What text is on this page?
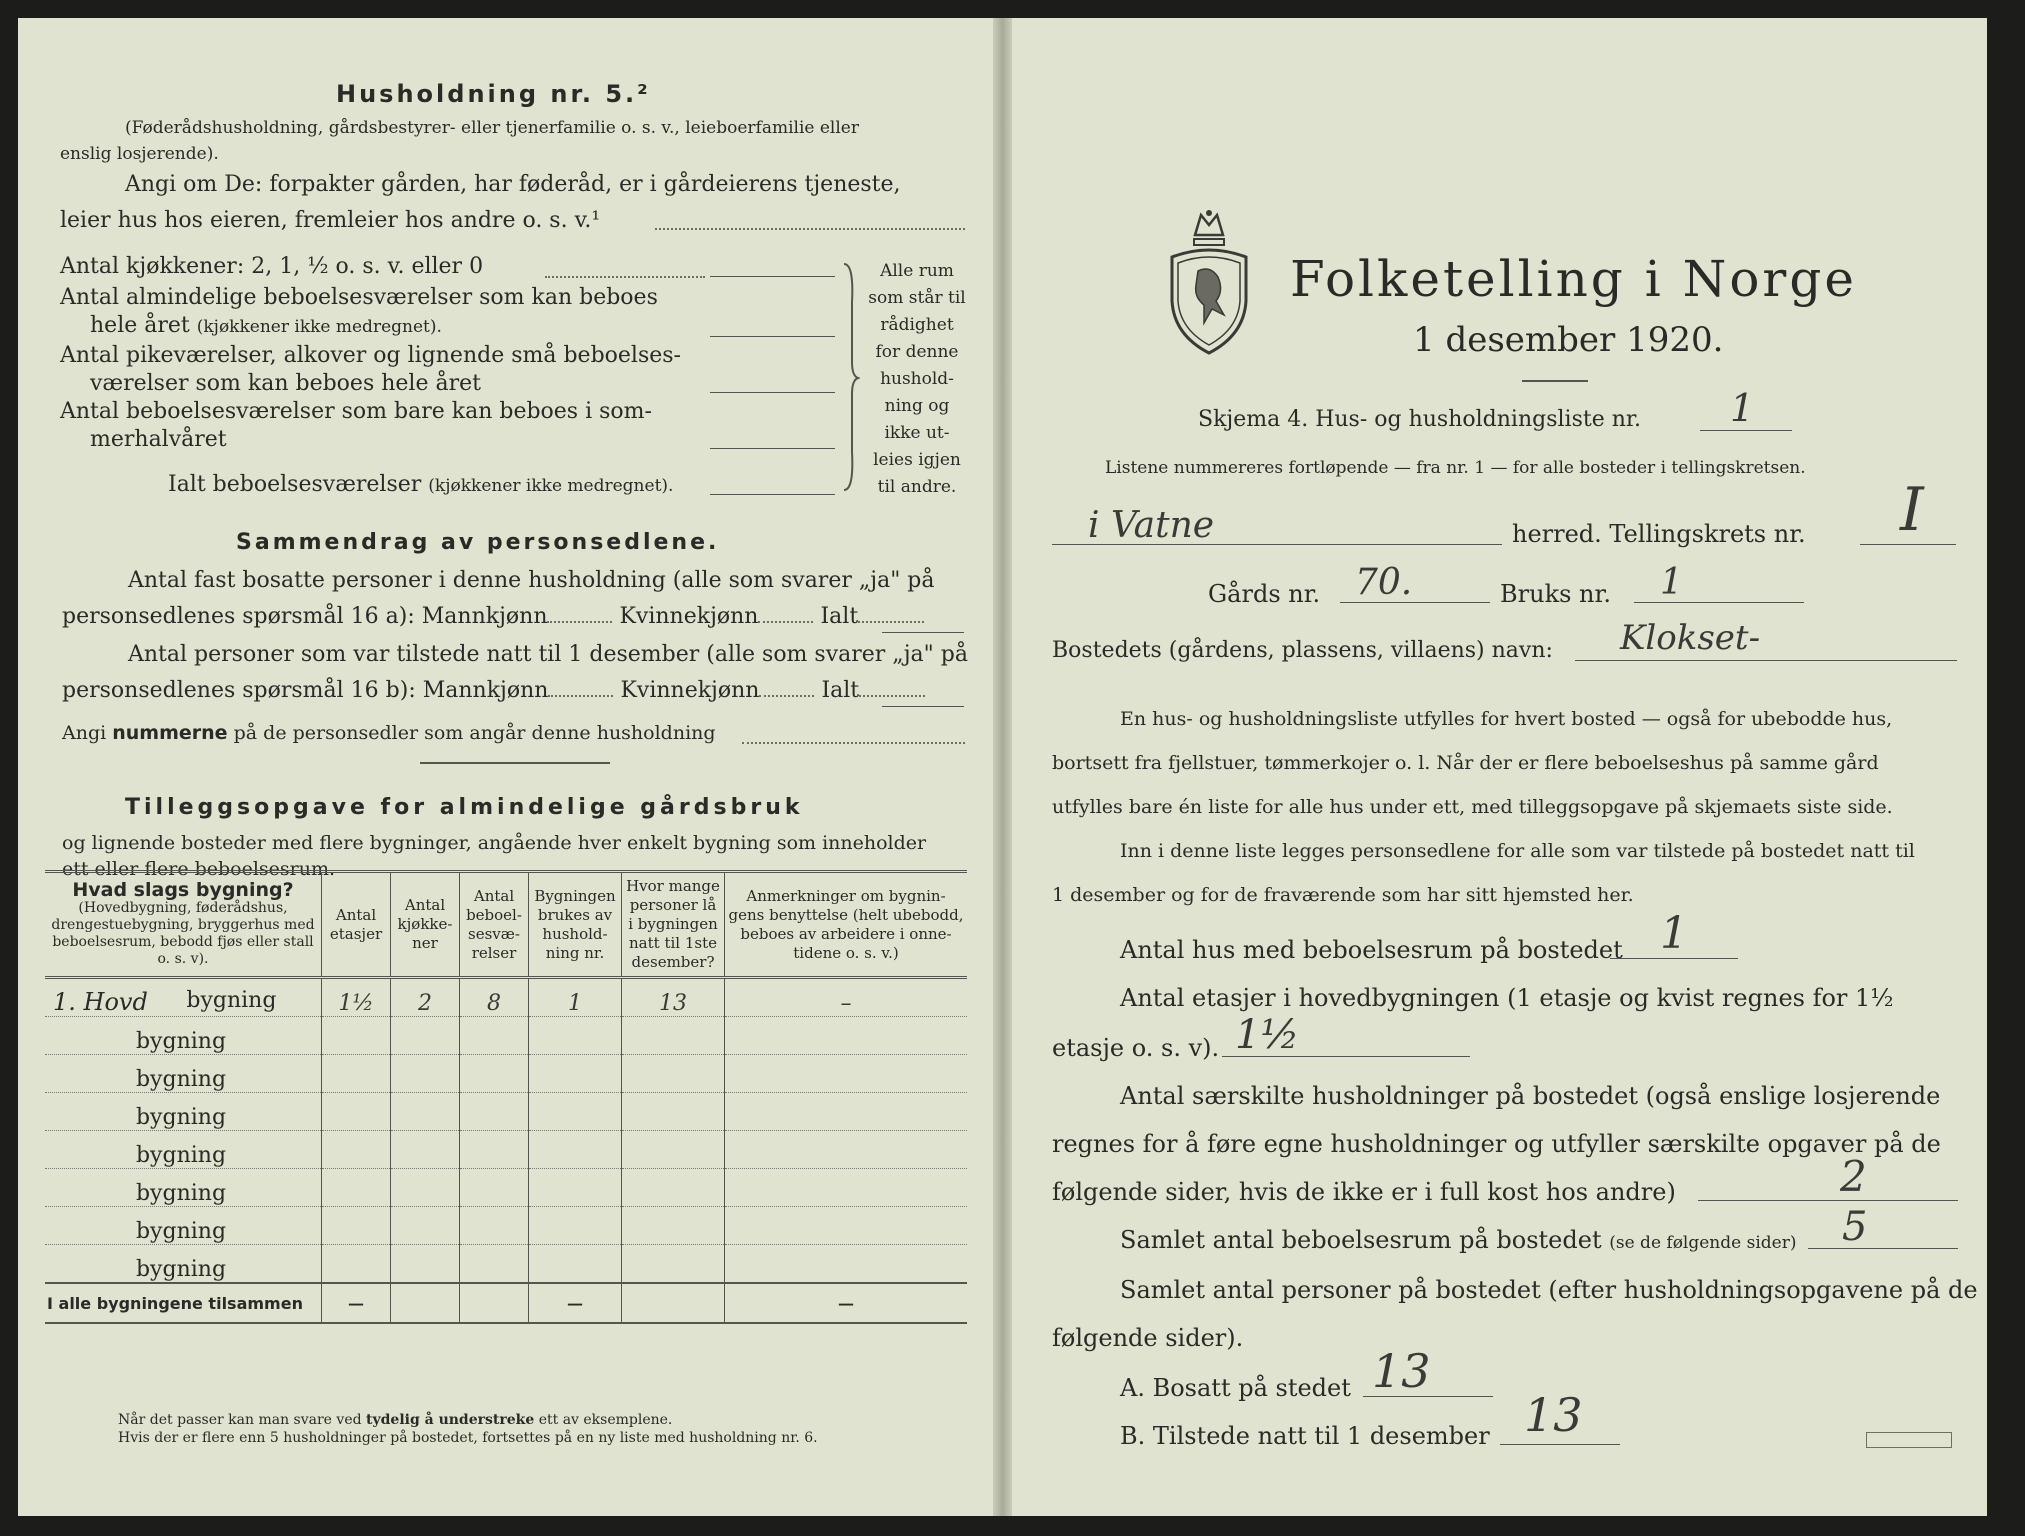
Husholdning nr. 5.²
(Føderådshusholdning, gårdsbestyrer- eller tjenerfamilie o. s. v., leieboerfamilie eller
enslig losjerende).
Angi om De: forpakter gården, har føderåd, er i gårdeierens tjeneste,
leier hus hos eieren, fremleier hos andre o. s. v.¹
Antal kjøkkener: 2, 1, ½ o. s. v. eller 0
Antal almindelige beboelsesværelser som kan beboes
hele året (kjøkkener ikke medregnet).
Antal pikeværelser, alkover og lignende små beboelses-
værelser som kan beboes hele året
Antal beboelsesværelser som bare kan beboes i som-
merhalvåret
Ialt beboelsesværelser (kjøkkener ikke medregnet).
Alle rum
som står til
rådighet
for denne
hushold-
ning og
ikke ut-
leies igjen
til andre.
Sammendrag av personsedlene.
Antal fast bosatte personer i denne husholdning (alle som svarer „ja" på
personsedlenes spørsmål 16 a): Mannkjønn	Kvinnekjønn	Ialt
Antal personer som var tilstede natt til 1 desember (alle som svarer „ja" på
personsedlenes spørsmål 16 b): Mannkjønn	Kvinnekjønn	Ialt
Angi nummerne på de personsedler som angår denne husholdning
Tilleggsopgave for almindelige gårdsbruk
og lignende bosteder med flere bygninger, angående hver enkelt bygning som inneholder
ett eller flere beboelsesrum.
Hvad slags bygning?
(Hovedbygning, føderådshus, drengestuebygning, bryggerhus med beboelsesrum, bebodd fjøs eller stall o. s. v).	Antal etasjer	Antal kjøkke- ner	Antal beboel- sesvæ- relser	Bygningen brukes av hushold- ning nr.	Hvor mange personer lå i bygningen natt til 1ste desember?	Anmerkninger om bygnin- gens benyttelse (helt ubebodd, beboes av arbeidere i onne- tidene o. s. v.)

1. Hovd bygning	1½	2	8	1	13	–

bygning						

bygning						

bygning						

bygning						

bygning						

bygning						

bygning						
I alle bygningene tilsammen	—			—		—
Når det passer kan man svare ved tydelig å understreke ett av eksemplene.
Hvis der er flere enn 5 husholdninger på bostedet, fortsettes på en ny liste med husholdning nr. 6.
Folketelling i Norge
1 desember 1920.
Skjema 4. Hus- og husholdningsliste nr. 1
Listene nummereres fortløpende — fra nr. 1 — for alle bosteder i tellingskretsen.
i Vatne	herred. Tellingskrets nr. I
Gårds nr. 70.	Bruks nr. 1
Bostedets (gårdens, plassens, villaens) navn: Klokset-
En hus- og husholdningsliste utfylles for hvert bosted — også for ubebodde hus,
bortsett fra fjellstuer, tømmerkojer o. l. Når der er flere beboelseshus på samme gård
utfylles bare én liste for alle hus under ett, med tilleggsopgave på skjemaets siste side.
Inn i denne liste legges personsedlene for alle som var tilstede på bostedet natt til
1 desember og for de fraværende som har sitt hjemsted her.
Antal hus med beboelsesrum på bostedet 1
Antal etasjer i hovedbygningen (1 etasje og kvist regnes for 1½
etasje o. s. v). 1½
Antal særskilte husholdninger på bostedet (også enslige losjerende
regnes for å føre egne husholdninger og utfyller særskilte opgaver på de
følgende sider, hvis de ikke er i full kost hos andre)	2
Samlet antal beboelsesrum på bostedet (se de følgende sider) 5
Samlet antal personer på bostedet (efter husholdningsopgavene på de
følgende sider).
A. Bosatt på stedet 13
B. Tilstede natt til 1 desember 13
